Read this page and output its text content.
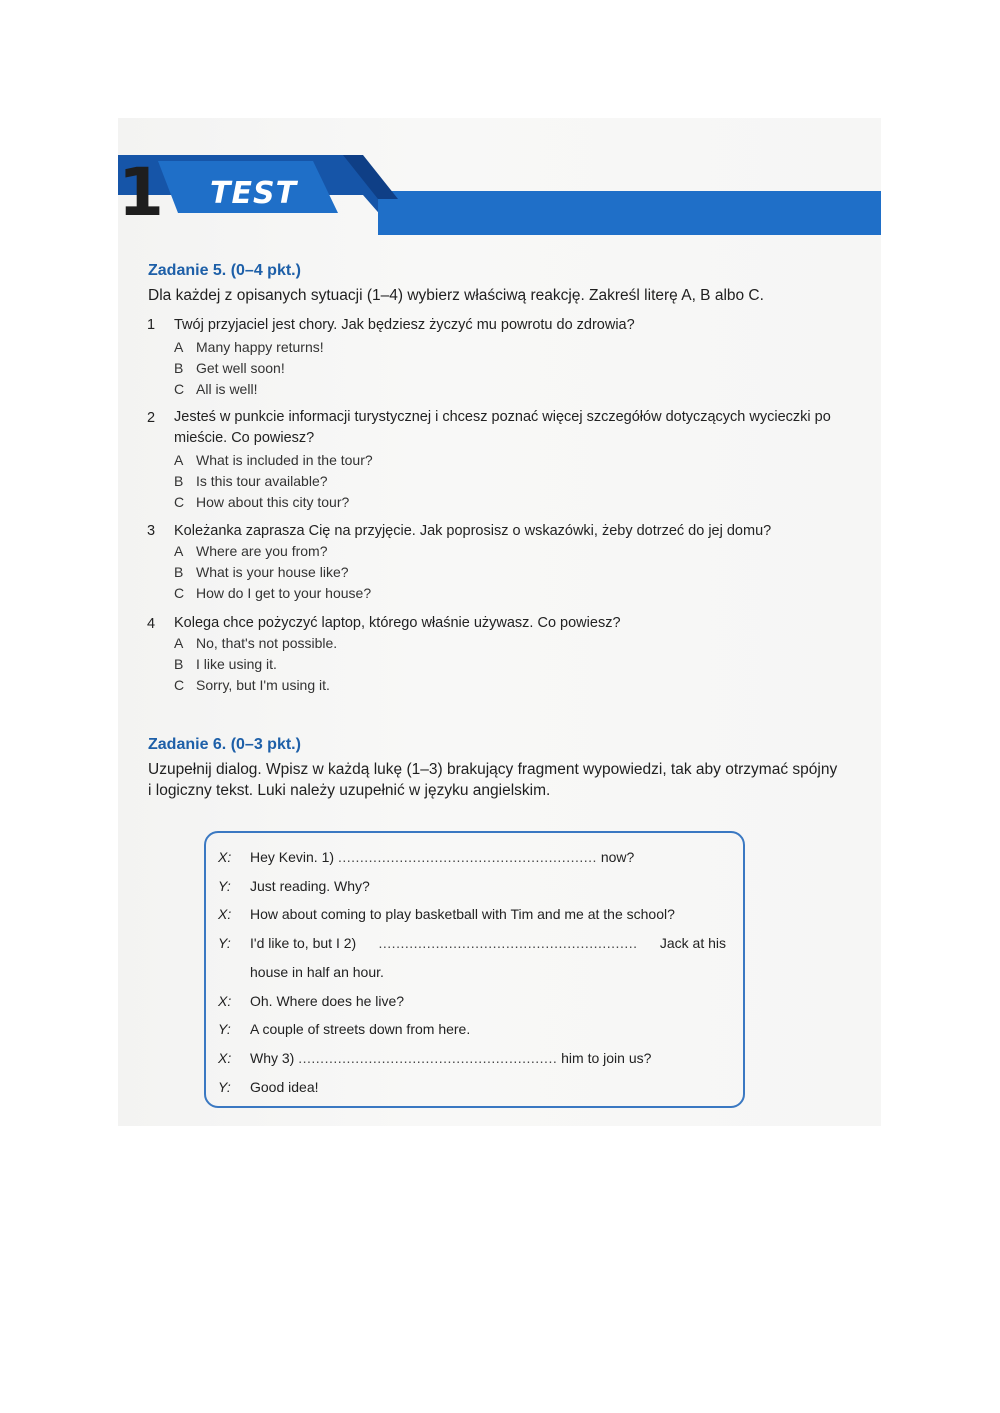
1 TEST
Zadanie 5. (0–4 pkt.)
Dla każdej z opisanych sytuacji (1–4) wybierz właściwą reakcję. Zakreśl literę A, B albo C.
1 Twój przyjaciel jest chory. Jak będziesz życzyć mu powrotu do zdrowia?
A Many happy returns!
B Get well soon!
C All is well!
2 Jesteś w punkcie informacji turystycznej i chcesz poznać więcej szczegółów dotyczących wycieczki po mieście. Co powiesz?
A What is included in the tour?
B Is this tour available?
C How about this city tour?
3 Koleżanka zaprasza Cię na przyjęcie. Jak poprosisz o wskazówki, żeby dotrzeć do jej domu?
A Where are you from?
B What is your house like?
C How do I get to your house?
4 Kolega chce pożyczyć laptop, którego właśnie używasz. Co powiesz?
A No, that's not possible.
B I like using it.
C Sorry, but I'm using it.
Zadanie 6. (0–3 pkt.)
Uzupełnij dialog. Wpisz w każdą lukę (1–3) brakujący fragment wypowiedzi, tak aby otrzymać spójny
i logiczny tekst. Luki należy uzupełnić w języku angielskim.
X: Hey Kevin. 1) ........................................................... now?
Y: Just reading. Why?
X: How about coming to play basketball with Tim and me at the school?
Y: I'd like to, but I 2) ........................................................... Jack at his
house in half an hour.
X: Oh. Where does he live?
Y: A couple of streets down from here.
X: Why 3) ........................................................... him to join us?
Y: Good idea!
